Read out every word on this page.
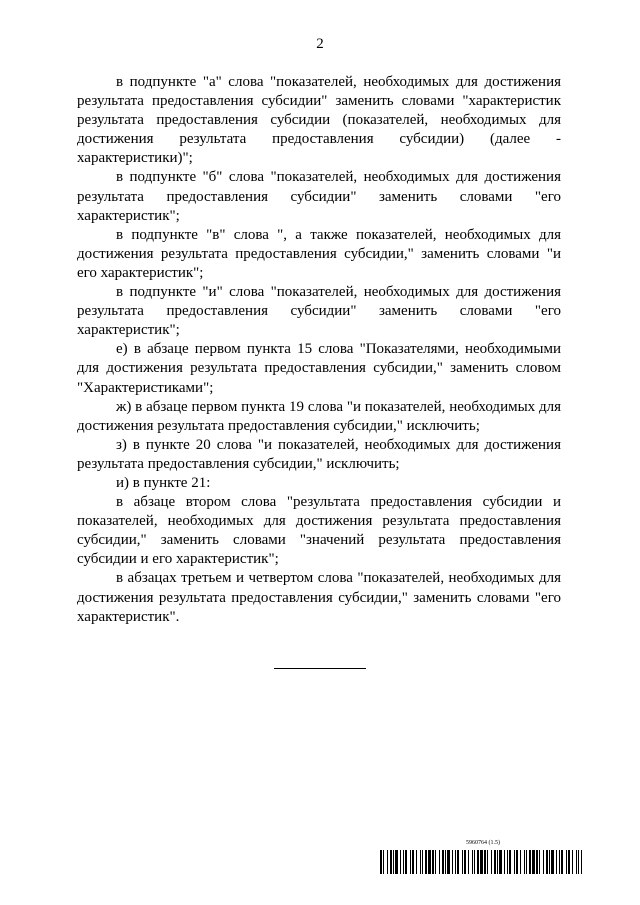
2

в подпункте "а" слова "показателей, необходимых для достижения результата предоставления субсидии" заменить словами "характеристик результата предоставления субсидии (показателей, необходимых для достижения результата предоставления субсидии) (далее - характеристики)";

в подпункте "б" слова "показателей, необходимых для достижения результата предоставления субсидии" заменить словами "его характеристик";

в подпункте "в" слова ", а также показателей, необходимых для достижения результата предоставления субсидии," заменить словами "и его характеристик";

в подпункте "и" слова "показателей, необходимых для достижения результата предоставления субсидии" заменить словами "его характеристик";

е) в абзаце первом пункта 15 слова "Показателями, необходимыми для достижения результата предоставления субсидии," заменить словом "Характеристиками";

ж) в абзаце первом пункта 19 слова "и показателей, необходимых для достижения результата предоставления субсидии," исключить;

з) в пункте 20 слова "и показателей, необходимых для достижения результата предоставления субсидии," исключить;

и) в пункте 21:

в абзаце втором слова "результата предоставления субсидии и показателей, необходимых для достижения результата предоставления субсидии," заменить словами "значений результата предоставления субсидии и его характеристик";

в абзацах третьем и четвертом слова "показателей, необходимых для достижения результата предоставления субсидии," заменить словами "его характеристик".

5960764 (1.5)
